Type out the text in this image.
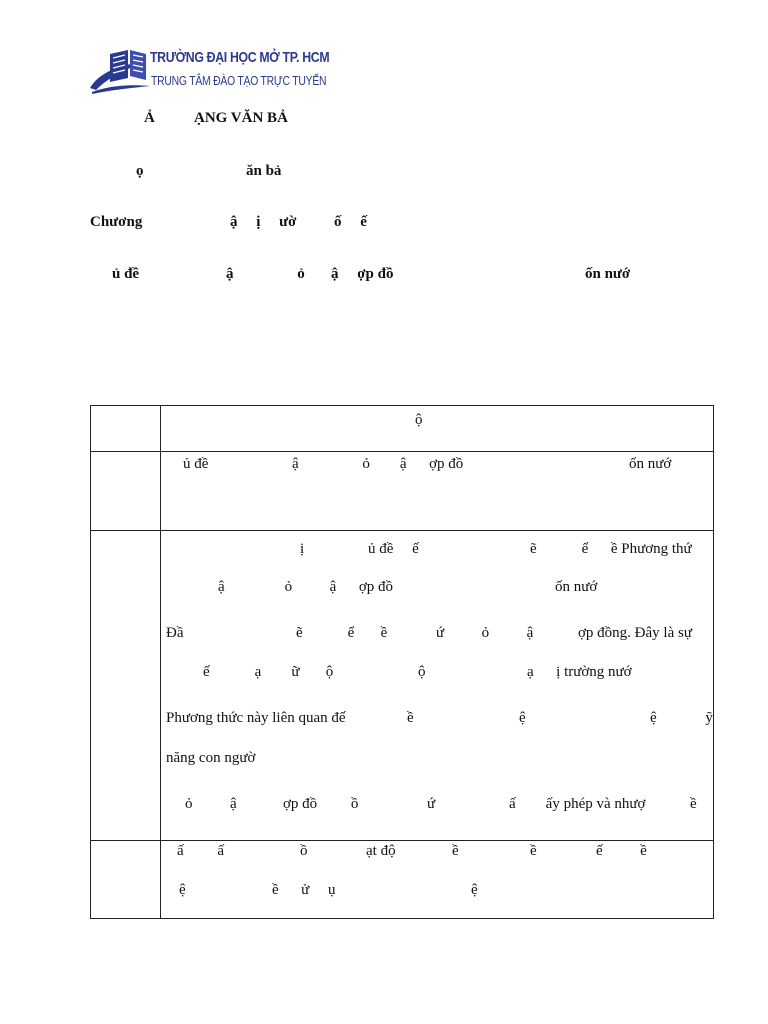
TRƯỜNG ĐẠI HỌC MỞ TP. HCM
TRUNG TÂM ĐÀO TẠO TRỰC TUYẾN
Ả	ẠNG VĂN BẢ
ọ	ăn bả
Chương	ậ     ị     ườ          ố     ế
ủ đề	ậ                 ỏ       ậ     ợp đồ	ốn nướ
ộ
ủ đề	ậ                 ỏ        ậ      ợp đồ	ốn nướ
ị	ủ đề     ế	ẽ            ể      ề Phương thứ
ậ                ỏ          ậ      ợp đồ	ốn nướ
Đầ	ẽ            ể       ề             ứ          ỏ          ậ	ợp đồng. Đây là sự
ế            ạ        ữ       ộ	ộ	ạ      ị trường nướ
Phương thức này liên quan đế	ề	ệ	ệ             ỹ
năng con ngườ
ỏ          ậ	ợp đồ         ồ	ứ	ấ        ấy phép và nhượ	ề
ấ         ấ	ồ	ạt độ	ề	ề	ế          ề
ệ	ề      ử     ụ	ệ
